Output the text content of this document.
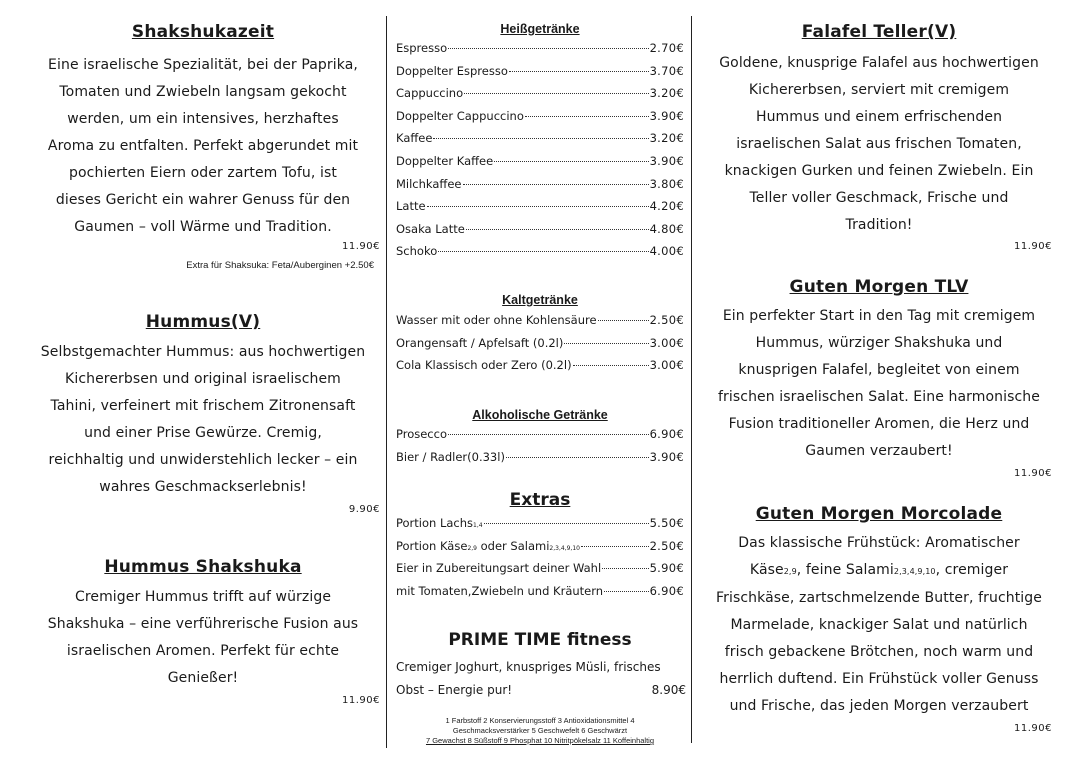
Shakshukazeit
Eine israelische Spezialität, bei der Paprika,
Tomaten und Zwiebeln langsam gekocht
werden, um ein intensives, herzhaftes
Aroma zu entfalten. Perfekt abgerundet mit
pochierten Eiern oder zartem Tofu, ist
dieses Gericht ein wahrer Genuss für den
Gaumen – voll Wärme und Tradition.
11.90€
Extra für Shaksuka: Feta/Auberginen +2.50€
Hummus(V)
Selbstgemachter Hummus: aus hochwertigen
Kichererbsen und original israelischem
Tahini, verfeinert mit frischem Zitronensaft
und einer Prise Gewürze. Cremig,
reichhaltig und unwiderstehlich lecker – ein
wahres Geschmackserlebnis!
9.90€
Hummus Shakshuka
Cremiger Hummus trifft auf würzige
Shakshuka – eine verführerische Fusion aus
israelischen Aromen. Perfekt für echte
Genießer!
11.90€
Heißgetränke
Espresso	2.70€
Doppelter Espresso	3.70€
Cappuccino	3.20€
Doppelter Cappuccino	3.90€
Kaffee	3.20€
Doppelter Kaffee	3.90€
Milchkaffee	3.80€
Latte	4.20€
Osaka Latte	4.80€
Schoko	4.00€
Kaltgetränke
Wasser mit oder ohne Kohlensäure	2.50€
Orangensaft / Apfelsaft (0.2l)	3.00€
Cola Klassisch oder Zero (0.2l)	3.00€
Alkoholische Getränke
Prosecco	6.90€
Bier / Radler(0.33l)	3.90€
Extras
Portion Lachs1,4	5.50€
Portion Käse2,9 oder Salami2,3,4,9,10	2.50€
Eier in Zubereitungsart deiner Wahl	5.90€
mit Tomaten,Zwiebeln und Kräutern	6.90€
PRIME TIME fitness
Cremiger Joghurt, knuspriges Müsli, frisches
Obst – Energie pur!	8.90€
1 Farbstoff 2 Konservierungsstoff 3 Antioxidationsmittel 4
Geschmacksverstärker 5 Geschwefelt 6 Geschwärzt
7 Gewachst 8 Süßstoff 9 Phosphat 10 Nitritpökelsalz 11 Koffeinhaltig
Falafel Teller(V)
Goldene, knusprige Falafel aus hochwertigen
Kichererbsen, serviert mit cremigem
Hummus und einem erfrischenden
israelischen Salat aus frischen Tomaten,
knackigen Gurken und feinen Zwiebeln. Ein
Teller voller Geschmack, Frische und
Tradition!
11.90€
Guten Morgen TLV
Ein perfekter Start in den Tag mit cremigem
Hummus, würziger Shakshuka und
knusprigen Falafel, begleitet von einem
frischen israelischen Salat. Eine harmonische
Fusion traditioneller Aromen, die Herz und
Gaumen verzaubert!
11.90€
Guten Morgen Morcolade
Das klassische Frühstück: Aromatischer
Käse2,9, feine Salami2,3,4,9,10, cremiger
Frischkäse, zartschmelzende Butter, fruchtige
Marmelade, knackiger Salat und natürlich
frisch gebackene Brötchen, noch warm und
herrlich duftend. Ein Frühstück voller Genuss
und Frische, das jeden Morgen verzaubert
11.90€
